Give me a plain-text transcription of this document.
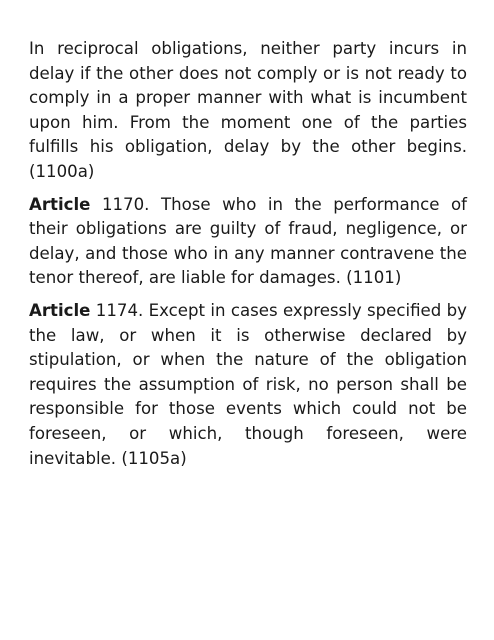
In reciprocal obligations, neither party incurs in delay if the other does not comply or is not ready to comply in a proper manner with what is incumbent upon him. From the moment one of the parties fulfills his obligation, delay by the other begins. (1100a)

Article 1170. Those who in the performance of their obligations are guilty of fraud, negligence, or delay, and those who in any manner contravene the tenor thereof, are liable for damages. (1101)

Article 1174. Except in cases expressly specified by the law, or when it is otherwise declared by stipulation, or when the nature of the obligation requires the assumption of risk, no person shall be responsible for those events which could not be foreseen, or which, though foreseen, were inevitable. (1105a)
